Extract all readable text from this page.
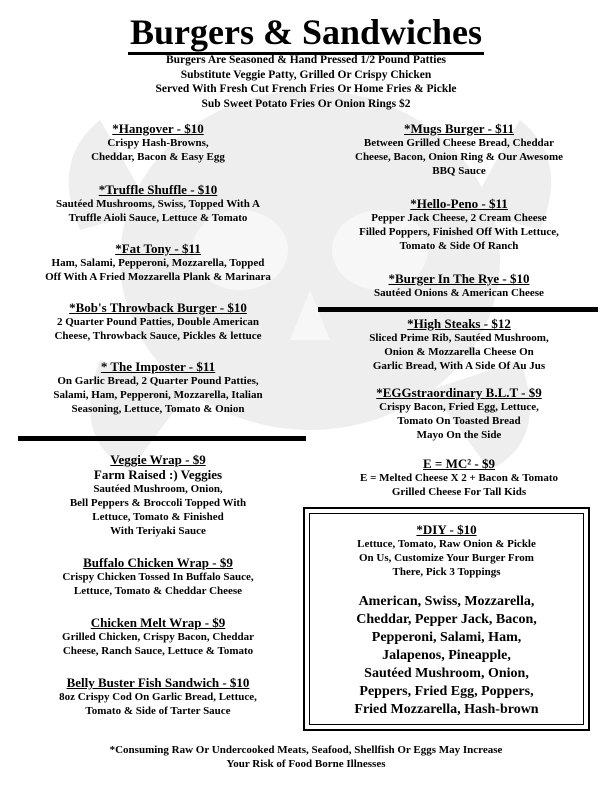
Burgers & Sandwiches
Burgers Are Seasoned & Hand Pressed 1/2 Pound Patties
Substitute Veggie Patty, Grilled Or Crispy Chicken
Served With Fresh Cut French Fries Or Home Fries & Pickle
Sub Sweet Potato Fries Or Onion Rings $2
*Hangover - $10
Crispy Hash-Browns,
Cheddar, Bacon & Easy Egg
*Truffle Shuffle - $10
Sautéed Mushrooms, Swiss, Topped With A
Truffle Aioli Sauce, Lettuce & Tomato
*Fat Tony - $11
Ham, Salami, Pepperoni, Mozzarella, Topped
Off With A Fried Mozzarella Plank & Marinara
*Bob's Throwback Burger - $10
2 Quarter Pound Patties, Double American
Cheese, Throwback Sauce, Pickles & lettuce
* The Imposter - $11
On Garlic Bread, 2 Quarter Pound Patties,
Salami, Ham, Pepperoni, Mozzarella, Italian
Seasoning, Lettuce, Tomato & Onion
Veggie Wrap - $9
Farm Raised :) Veggies
Sautéed Mushroom, Onion,
Bell Peppers & Broccoli Topped With
Lettuce, Tomato & Finished
With Teriyaki Sauce
Buffalo Chicken Wrap - $9
Crispy Chicken Tossed In Buffalo Sauce,
Lettuce, Tomato & Cheddar Cheese
Chicken Melt Wrap - $9
Grilled Chicken, Crispy Bacon, Cheddar
Cheese, Ranch Sauce, Lettuce & Tomato
Belly Buster Fish Sandwich - $10
8oz Crispy Cod On Garlic Bread, Lettuce,
Tomato & Side of Tarter Sauce
*Mugs Burger - $11
Between Grilled Cheese Bread, Cheddar
Cheese, Bacon, Onion Ring & Our Awesome
BBQ Sauce
*Hello-Peno - $11
Pepper Jack Cheese, 2 Cream Cheese
Filled Poppers, Finished Off With Lettuce,
Tomato & Side Of Ranch
*Burger In The Rye - $10
Sautéed Onions & American Cheese
*High Steaks - $12
Sliced Prime Rib, Sautéed Mushroom,
Onion & Mozzarella Cheese On
Garlic Bread, With A Side Of Au Jus
*EGGstraordinary B.L.T - $9
Crispy Bacon, Fried Egg, Lettuce,
Tomato On Toasted Bread
Mayo On the Side
E = MC² - $9
E = Melted Cheese X 2 + Bacon & Tomato
Grilled Cheese For Tall Kids
*DIY - $10
Lettuce, Tomato, Raw Onion & Pickle
On Us, Customize Your Burger From
There, Pick 3 Toppings
American, Swiss, Mozzarella,
Cheddar, Pepper Jack, Bacon,
Pepperoni, Salami, Ham,
Jalapenos, Pineapple,
Sautéed Mushroom, Onion,
Peppers, Fried Egg, Poppers,
Fried Mozzarella, Hash-brown
*Consuming Raw Or Undercooked Meats, Seafood, Shellfish Or Eggs May Increase
Your Risk of Food Borne Illnesses
